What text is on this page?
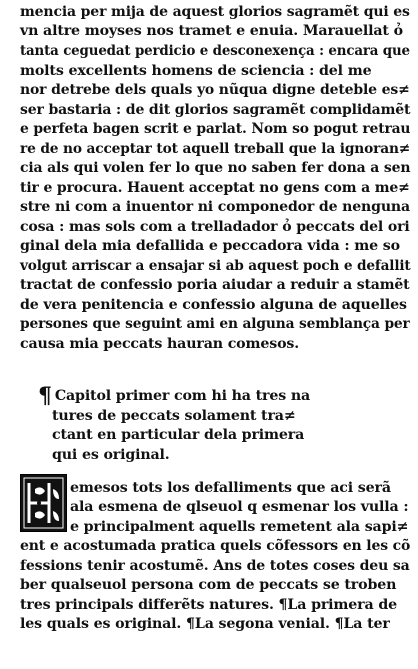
mencia per mija de aquest glorios sagramẽt qui es
vn altre moyses nos tramet e enuia. Marauellat ỏ
tanta ceguedat perdicio e desconexença : encara que
molts excellents homens de sciencia : del me
nor detrebe dels quals yo nũqua digne deteble es≠
ser bastaria : de dit glorios sagramẽt complidamẽt
e perfeta bagen scrit e parlat. Nom so pogut retrau
re de no acceptar tot aquell treball que la ignoran≠
cia als qui volen fer lo que no saben fer dona a sen
tir e procura. Hauent acceptat no gens com a me≠
stre ni com a inuentor ni componedor de nenguna
cosa : mas sols com a trelladador ỏ peccats del ori
ginal dela mia defallida e peccadora vida : me so
volgut arriscar a ensajar si ab aquest poch e defallit
tractat de confessio poria aiudar a reduir a stamẽt
de vera penitencia e confessio alguna de aquelles
persones que seguint ami en alguna semblança per
causa mia peccats hauran comesos.
¶ Capitol primer com hi ha tres na
tures de peccats solament tra≠
ctant en particular dela primera
qui es original.
emesos tots los defalliments que aci serã
ala esmena de qlseuol q esmenar los vulla :
e principalment aquells remetent ala sapi≠
ent e acostumada pratica quels cõfessors en les cõ
fessions tenir acostumẽ. Ans de totes coses deu sa
ber qualseuol persona com de peccats se troben
tres principals differẽts natures. ¶La primera de
les quals es original. ¶La segona venial. ¶La ter
